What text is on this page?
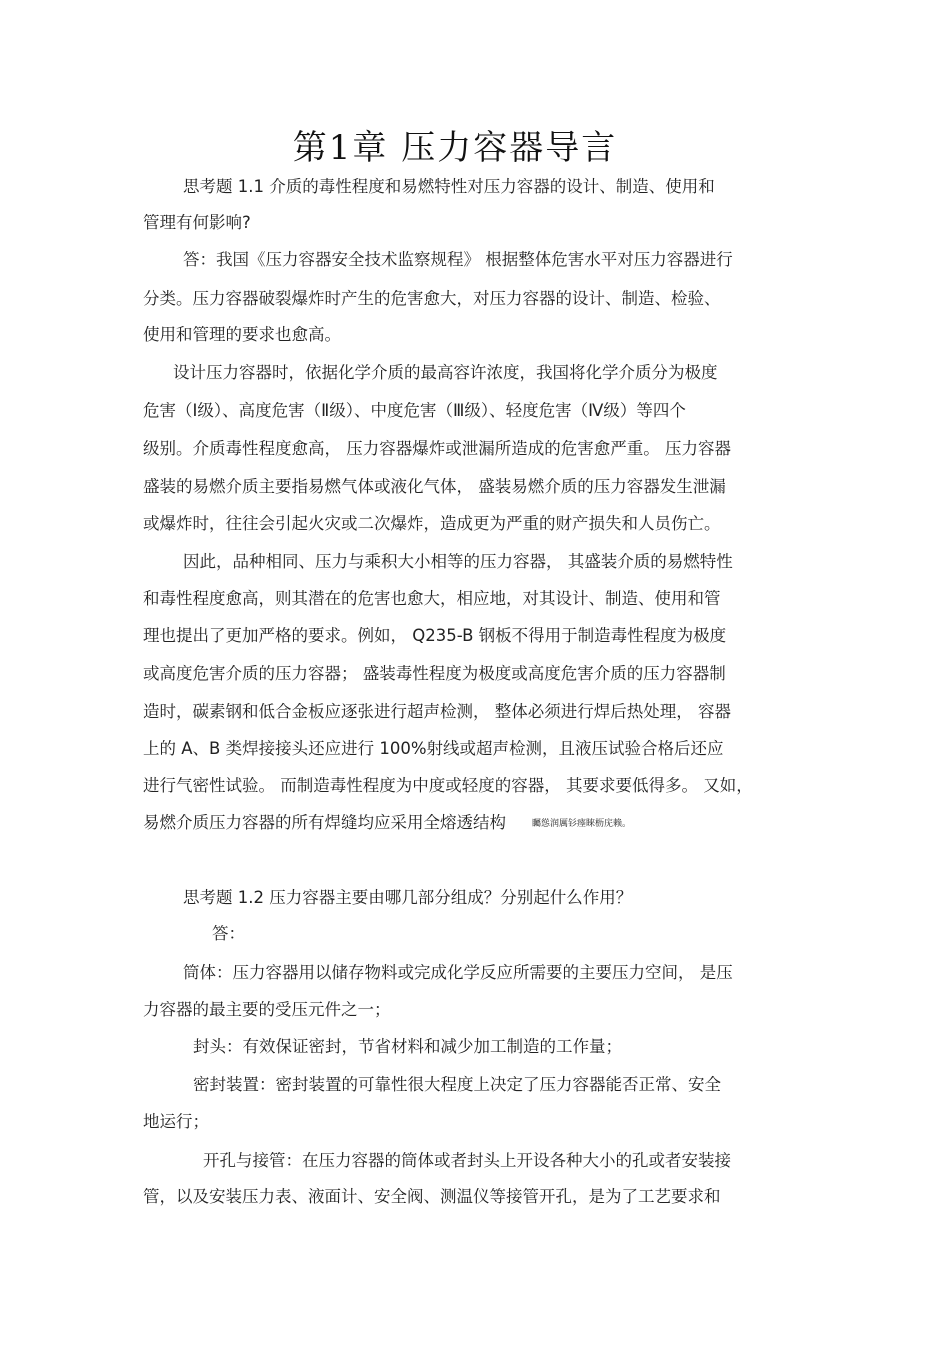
第1章 压力容器导言
思考题 1.1 介质的毒性程度和易燃特性对压力容器的设计、制造、使用和
管理有何影响?
答：我国《压力容器安全技术监察规程》 根据整体危害水平对压力容器进行
分类。压力容器破裂爆炸时产生的危害愈大，对压力容器的设计、制造、检验、
使用和管理的要求也愈高。
设计压力容器时，依据化学介质的最高容许浓度，我国将化学介质分为极度
危害（Ⅰ级）、高度危害（Ⅱ级）、中度危害（Ⅲ级）、轻度危害（Ⅳ级）等四个
级别。介质毒性程度愈高， 压力容器爆炸或泄漏所造成的危害愈严重。 压力容器
盛装的易燃介质主要指易燃气体或液化气体， 盛装易燃介质的压力容器发生泄漏
或爆炸时，往往会引起火灾或二次爆炸，造成更为严重的财产损失和人员伤亡。
因此，品种相同、压力与乘积大小相等的压力容器， 其盛装介质的易燃特性
和毒性程度愈高，则其潜在的危害也愈大，相应地，对其设计、制造、使用和管
理也提出了更加严格的要求。例如， Q235-B 钢板不得用于制造毒性程度为极度
或高度危害介质的压力容器； 盛装毒性程度为极度或高度危害介质的压力容器制
造时，碳素钢和低合金板应逐张进行超声检测， 整体必须进行焊后热处理， 容器
上的 A、B 类焊接接头还应进行 100%射线或超声检测，且液压试验合格后还应
进行气密性试验。 而制造毒性程度为中度或轻度的容器， 其要求要低得多。 又如，
易燃介质压力容器的所有焊缝均应采用全熔透结构	矚慫润厲钐瘗睞枥庑赖。
思考题 1.2 压力容器主要由哪几部分组成？分别起什么作用？
答：
筒体：压力容器用以储存物料或完成化学反应所需要的主要压力空间， 是压
力容器的最主要的受压元件之一；
封头：有效保证密封，节省材料和减少加工制造的工作量；
密封装置：密封装置的可靠性很大程度上决定了压力容器能否正常、安全
地运行；
开孔与接管：在压力容器的筒体或者封头上开设各种大小的孔或者安装接
管，以及安装压力表、液面计、安全阀、测温仪等接管开孔，是为了工艺要求和
